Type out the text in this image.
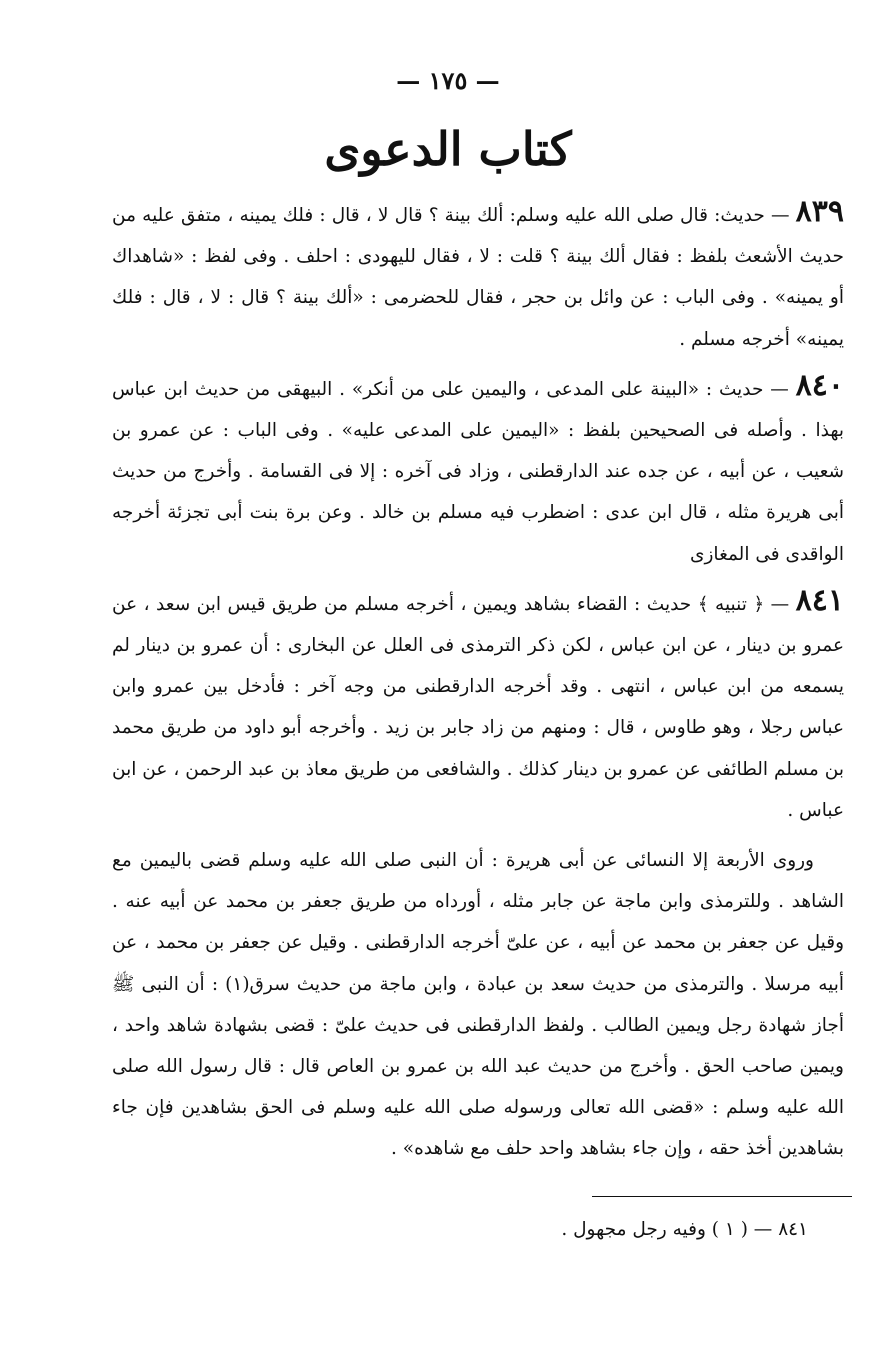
— ١٧٥ —
كتاب الدعوى

٨٣٩ — حديث: قال صلى الله عليه وسلم: ألك بينة ؟ قال لا ، قال : فلك يمينه ، متفق عليه من حديث الأشعث بلفظ : فقال ألك بينة ؟ قلت : لا ، فقال لليهودى : احلف . وفى لفظ : «شاهداك أو يمينه» . وفى الباب : عن وائل بن حجر ، فقال للحضرمى : «ألك بينة ؟ قال : لا ، قال : فلك يمينه» أخرجه مسلم .

٨٤٠ — حديث : «البينة على المدعى ، واليمين على من أنكر» . البيهقى من حديث ابن عباس بهذا . وأصله فى الصحيحين بلفظ : «اليمين على المدعى عليه» . وفى الباب : عن عمرو بن شعيب ، عن أبيه ، عن جده عند الدارقطنى ، وزاد فى آخره : إلا فى القسامة . وأخرج من حديث أبى هريرة مثله ، قال ابن عدى : اضطرب فيه مسلم بن خالد . وعن برة بنت أبى تجزئة أخرجه الواقدى فى المغازى

٨٤١ — ﴿ تنبيه ﴾ حديث : القضاء بشاهد ويمين ، أخرجه مسلم من طريق قيس ابن سعد ، عن عمرو بن دينار ، عن ابن عباس ، لكن ذكر الترمذى فى العلل عن البخارى : أن عمرو بن دينار لم يسمعه من ابن عباس ، انتهى . وقد أخرجه الدارقطنى من وجه آخر : فأدخل بين عمرو وابن عباس رجلا ، وهو طاوس ، قال : ومنهم من زاد جابر بن زيد . وأخرجه أبو داود من طريق محمد بن مسلم الطائفى عن عمرو بن دينار كذلك . والشافعى من طريق معاذ بن عبد الرحمن ، عن ابن عباس .

وروى الأربعة إلا النسائى عن أبى هريرة : أن النبى صلى الله عليه وسلم قضى باليمين مع الشاهد . وللترمذى وابن ماجة عن جابر مثله ، أورداه من طريق جعفر بن محمد عن أبيه عنه . وقيل عن جعفر بن محمد عن أبيه ، عن علىّ أخرجه الدارقطنى . وقيل عن جعفر بن محمد ، عن أبيه مرسلا . والترمذى من حديث سعد بن عبادة ، وابن ماجة من حديث سرق(١) : أن النبى ﷺ أجاز شهادة رجل ويمين الطالب . ولفظ الدارقطنى فى حديث علىّ : قضى بشهادة شاهد واحد ، ويمين صاحب الحق . وأخرج من حديث عبد الله بن عمرو بن العاص قال : قال رسول الله صلى الله عليه وسلم : «قضى الله تعالى ورسوله صلى الله عليه وسلم فى الحق بشاهدين فإن جاء بشاهدين أخذ حقه ، وإن جاء بشاهد واحد حلف مع شاهده» .

٨٤١ — ( ١ ) وفيه رجل مجهول .
